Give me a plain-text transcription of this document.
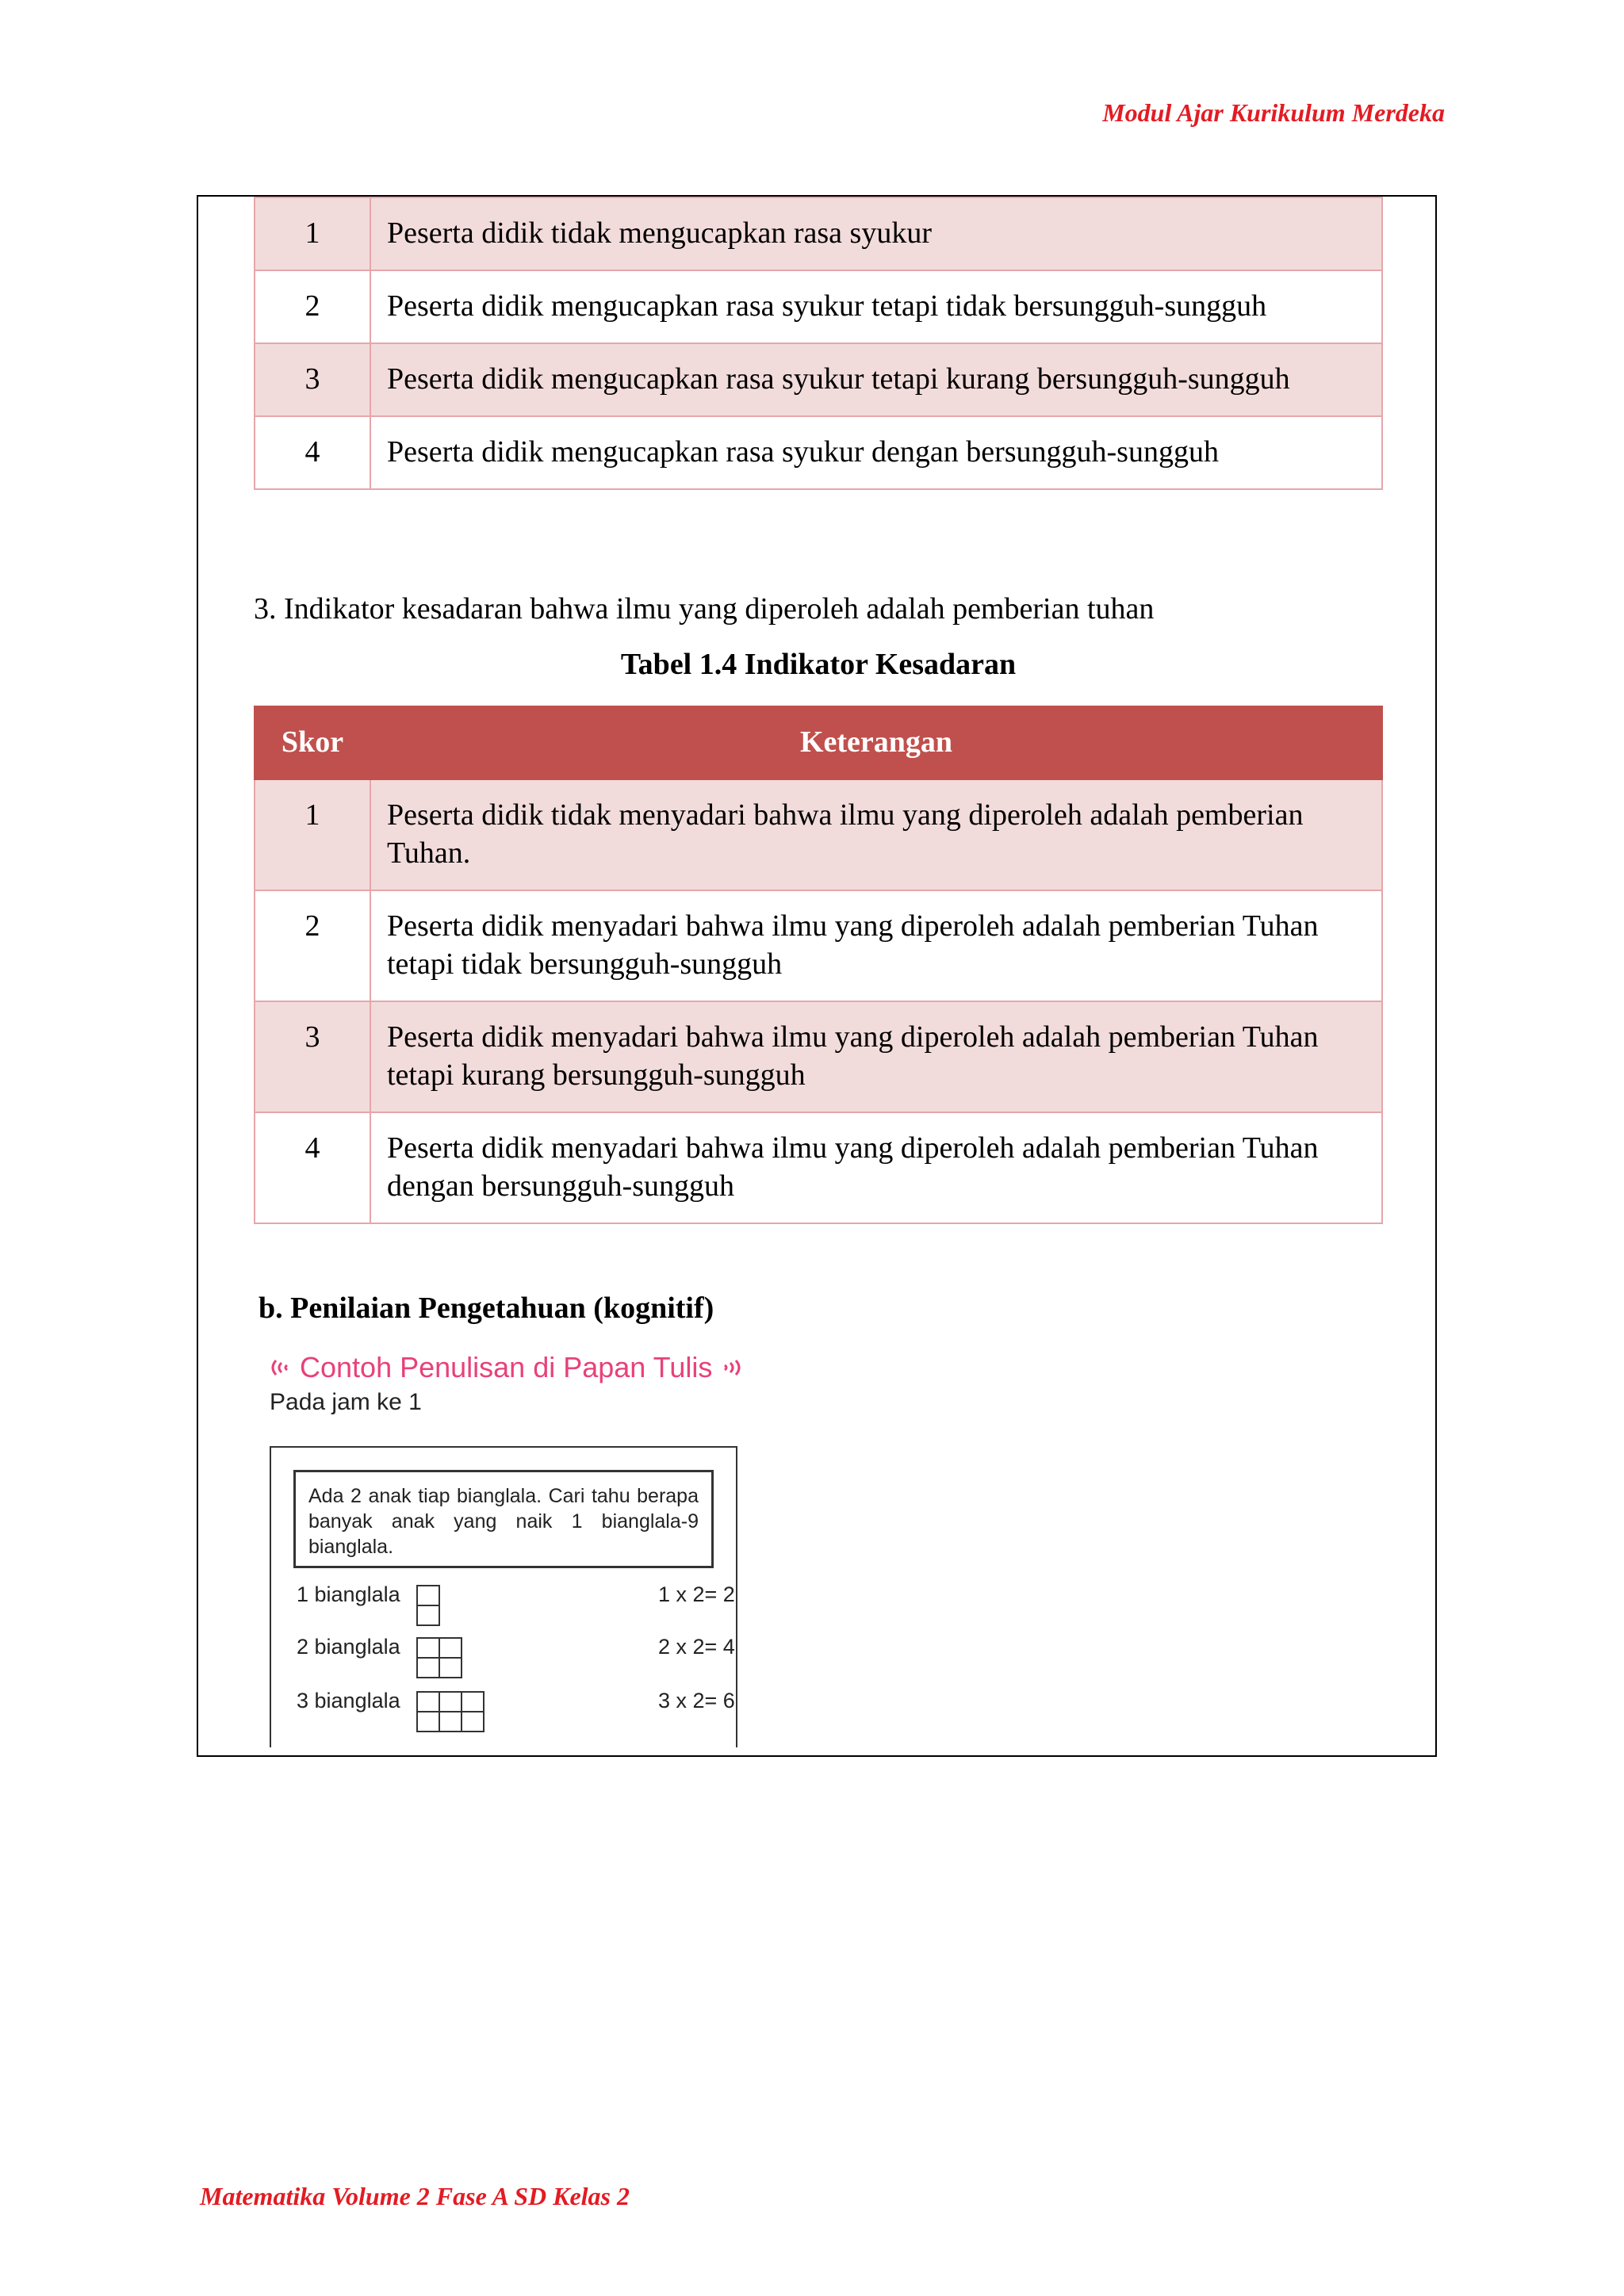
Modul Ajar Kurikulum Merdeka
1	Peserta didik tidak mengucapkan rasa syukur
2	Peserta didik mengucapkan rasa syukur tetapi tidak bersungguh-sungguh
3	Peserta didik mengucapkan rasa syukur tetapi kurang bersungguh-sungguh
4	Peserta didik mengucapkan rasa syukur dengan bersungguh-sungguh
3. Indikator kesadaran bahwa ilmu yang diperoleh adalah pemberian tuhan
Tabel 1.4 Indikator Kesadaran
Skor	Keterangan
1	Peserta didik tidak menyadari bahwa ilmu yang diperoleh adalah pemberian Tuhan.
2	Peserta didik menyadari bahwa ilmu yang diperoleh adalah pemberian Tuhan tetapi tidak bersungguh-sungguh
3	Peserta didik menyadari bahwa ilmu yang diperoleh adalah pemberian Tuhan tetapi kurang bersungguh-sungguh
4	Peserta didik menyadari bahwa ilmu yang diperoleh adalah pemberian Tuhan dengan bersungguh-sungguh
b. Penilaian Pengetahuan (kognitif)
Contoh Penulisan di Papan Tulis
Pada jam ke 1
Ada 2 anak tiap bianglala. Cari tahu berapa banyak anak yang naik 1 bianglala-9 bianglala.
1 bianglala	1 x 2= 2
2 bianglala	2 x 2= 4
3 bianglala	3 x 2= 6
Matematika Volume 2 Fase A SD Kelas 2
